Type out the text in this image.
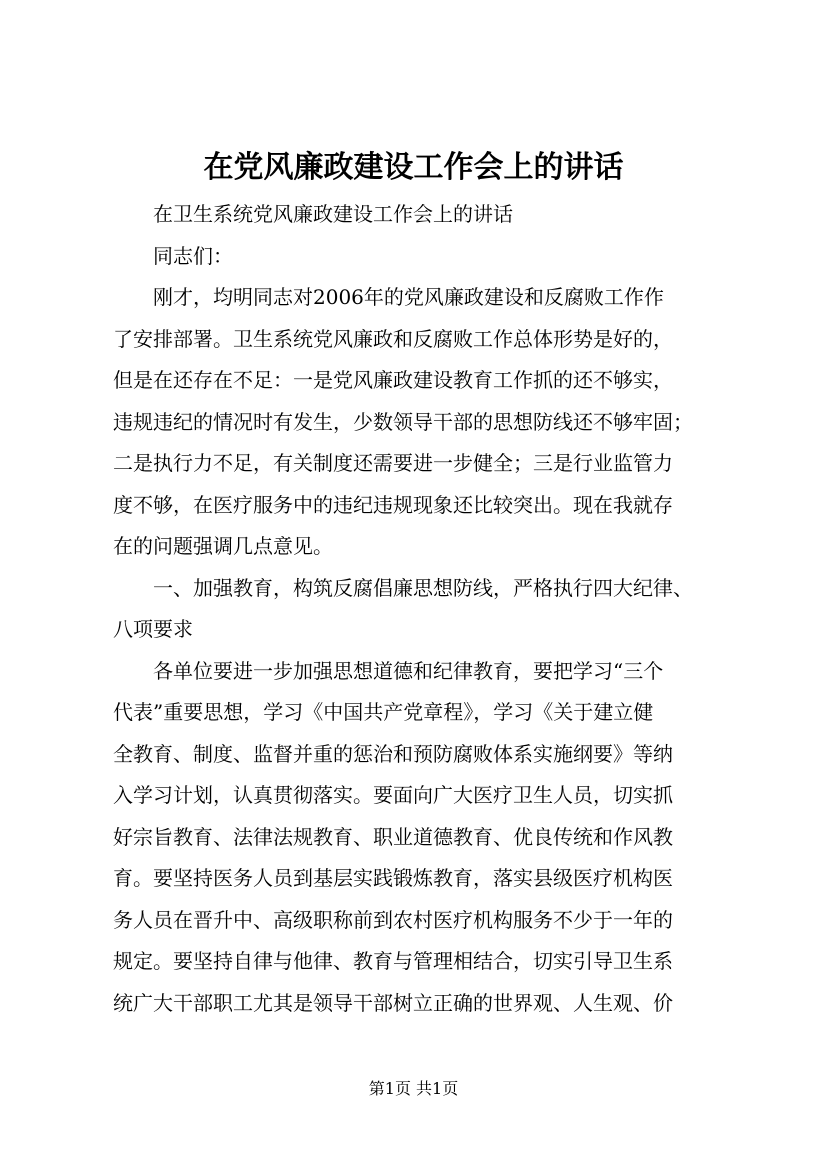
在党风廉政建设工作会上的讲话
在卫生系统党风廉政建设工作会上的讲话
同志们：
刚才，均明同志对2006年的党风廉政建设和反腐败工作作
了安排部署。卫生系统党风廉政和反腐败工作总体形势是好的，
但是在还存在不足：一是党风廉政建设教育工作抓的还不够实，
违规违纪的情况时有发生，少数领导干部的思想防线还不够牢固；
二是执行力不足，有关制度还需要进一步健全；三是行业监管力
度不够，在医疗服务中的违纪违规现象还比较突出。现在我就存
在的问题强调几点意见。
一、加强教育，构筑反腐倡廉思想防线，严格执行四大纪律、
八项要求
各单位要进一步加强思想道德和纪律教育，要把学习“三个
代表”重要思想，学习《中国共产党章程》，学习《关于建立健
全教育、制度、监督并重的惩治和预防腐败体系实施纲要》等纳
入学习计划，认真贯彻落实。要面向广大医疗卫生人员，切实抓
好宗旨教育、法律法规教育、职业道德教育、优良传统和作风教
育。要坚持医务人员到基层实践锻炼教育，落实县级医疗机构医
务人员在晋升中、高级职称前到农村医疗机构服务不少于一年的
规定。要坚持自律与他律、教育与管理相结合，切实引导卫生系
统广大干部职工尤其是领导干部树立正确的世界观、人生观、价
第1页 共1页
